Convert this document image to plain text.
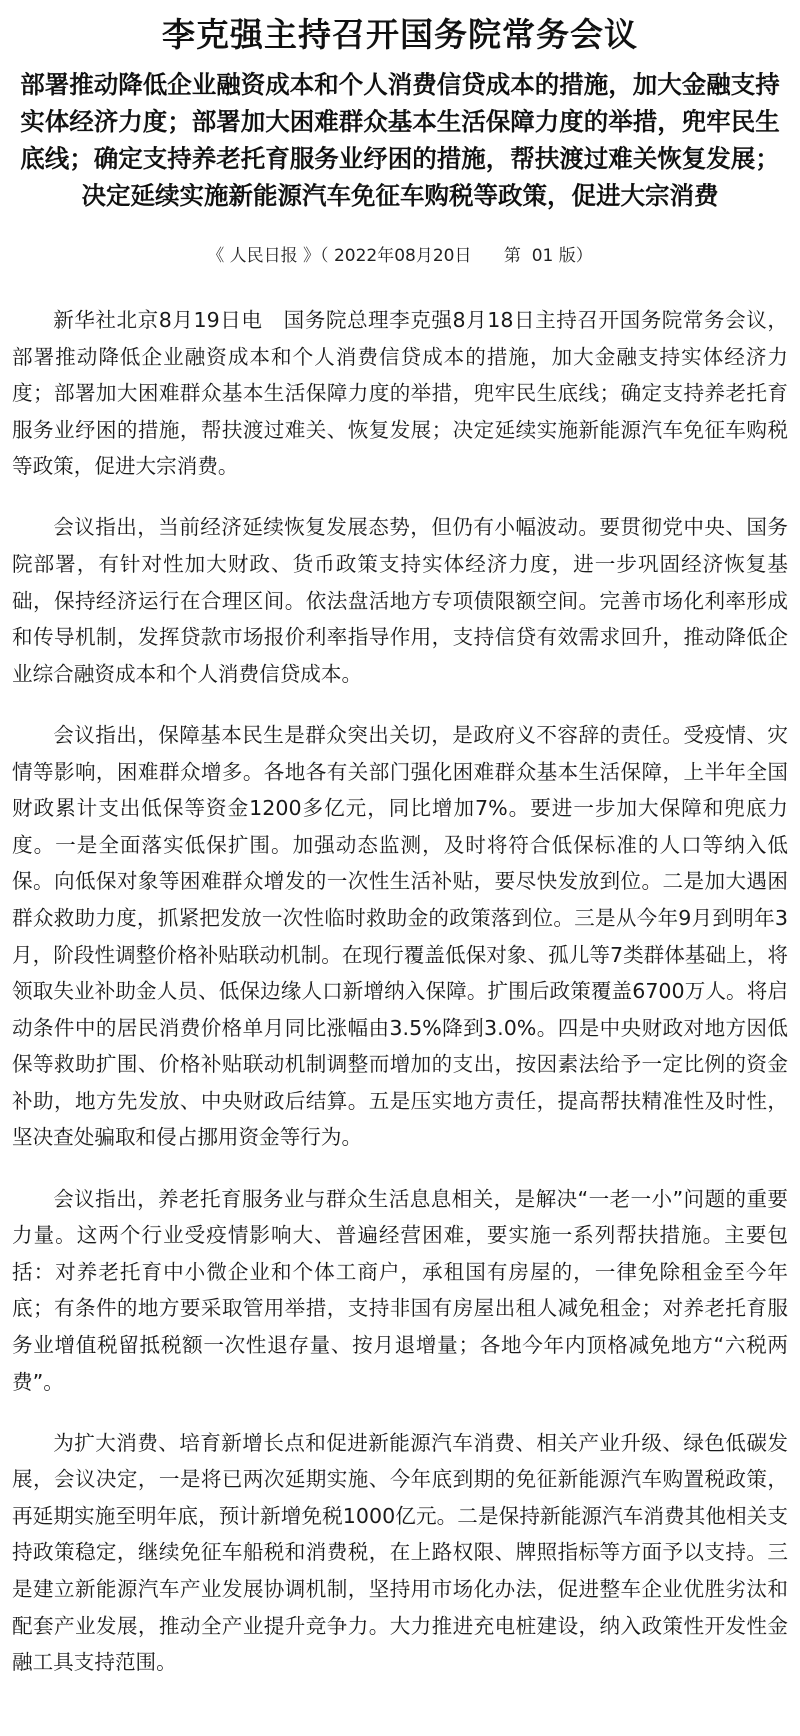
李克强主持召开国务院常务会议
部署推动降低企业融资成本和个人消费信贷成本的措施，加大金融支持实体经济力度；部署加大困难群众基本生活保障力度的举措，兜牢民生底线；确定支持养老托育服务业纾困的措施，帮扶渡过难关恢复发展；决定延续实施新能源汽车免征车购税等政策，促进大宗消费
《 人民日报 》（ 2022年08月20日 第  01 版）

新华社北京8月19日电　国务院总理李克强8月18日主持召开国务院常务会议，部署推动降低企业融资成本和个人消费信贷成本的措施，加大金融支持实体经济力度；部署加大困难群众基本生活保障力度的举措，兜牢民生底线；确定支持养老托育服务业纾困的措施，帮扶渡过难关、恢复发展；决定延续实施新能源汽车免征车购税等政策，促进大宗消费。

会议指出，当前经济延续恢复发展态势，但仍有小幅波动。要贯彻党中央、国务院部署，有针对性加大财政、货币政策支持实体经济力度，进一步巩固经济恢复基础，保持经济运行在合理区间。依法盘活地方专项债限额空间。完善市场化利率形成和传导机制，发挥贷款市场报价利率指导作用，支持信贷有效需求回升，推动降低企业综合融资成本和个人消费信贷成本。

会议指出，保障基本民生是群众突出关切，是政府义不容辞的责任。受疫情、灾情等影响，困难群众增多。各地各有关部门强化困难群众基本生活保障，上半年全国财政累计支出低保等资金1200多亿元，同比增加7%。要进一步加大保障和兜底力度。一是全面落实低保扩围。加强动态监测，及时将符合低保标准的人口等纳入低保。向低保对象等困难群众增发的一次性生活补贴，要尽快发放到位。二是加大遇困群众救助力度，抓紧把发放一次性临时救助金的政策落到位。三是从今年9月到明年3月，阶段性调整价格补贴联动机制。在现行覆盖低保对象、孤儿等7类群体基础上，将领取失业补助金人员、低保边缘人口新增纳入保障。扩围后政策覆盖6700万人。将启动条件中的居民消费价格单月同比涨幅由3.5%降到3.0%。四是中央财政对地方因低保等救助扩围、价格补贴联动机制调整而增加的支出，按因素法给予一定比例的资金补助，地方先发放、中央财政后结算。五是压实地方责任，提高帮扶精准性及时性，坚决查处骗取和侵占挪用资金等行为。

会议指出，养老托育服务业与群众生活息息相关，是解决“一老一小”问题的重要力量。这两个行业受疫情影响大、普遍经营困难，要实施一系列帮扶措施。主要包括：对养老托育中小微企业和个体工商户，承租国有房屋的，一律免除租金至今年底；有条件的地方要采取管用举措，支持非国有房屋出租人减免租金；对养老托育服务业增值税留抵税额一次性退存量、按月退增量；各地今年内顶格减免地方“六税两费”。

为扩大消费、培育新增长点和促进新能源汽车消费、相关产业升级、绿色低碳发展，会议决定，一是将已两次延期实施、今年底到期的免征新能源汽车购置税政策，再延期实施至明年底，预计新增免税1000亿元。二是保持新能源汽车消费其他相关支持政策稳定，继续免征车船税和消费税，在上路权限、牌照指标等方面予以支持。三是建立新能源汽车产业发展协调机制，坚持用市场化办法，促进整车企业优胜劣汰和配套产业发展，推动全产业提升竞争力。大力推进充电桩建设，纳入政策性开发性金融工具支持范围。
